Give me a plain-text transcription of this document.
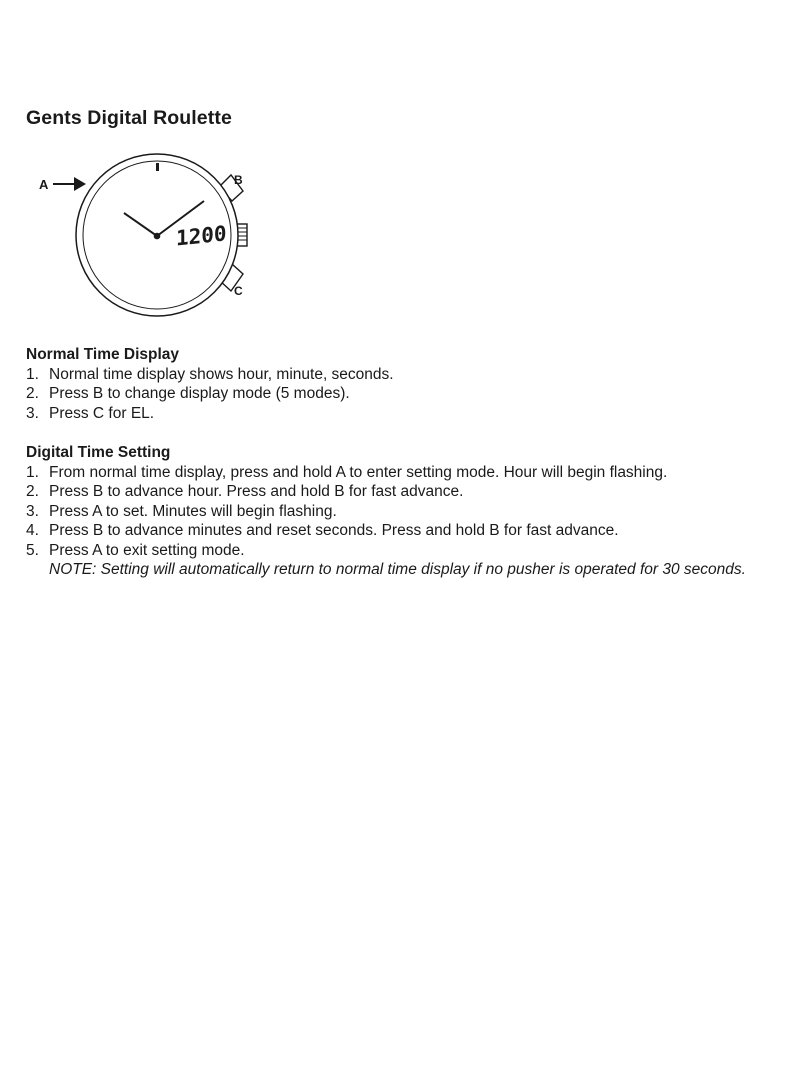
Gents Digital Roulette
A	B
C
1200
Normal Time Display
1. Normal time display shows hour, minute, seconds.
2. Press B to change display mode (5 modes).
3. Press C for EL.
Digital Time Setting
1. From normal time display, press and hold A to enter setting mode. Hour will begin flashing.
2. Press B to advance hour. Press and hold B for fast advance.
3. Press A to set. Minutes will begin flashing.
4. Press B to advance minutes and reset seconds. Press and hold B for fast advance.
5. Press A to exit setting mode.
NOTE: Setting will automatically return to normal time display if no pusher is operated for 30 seconds.
